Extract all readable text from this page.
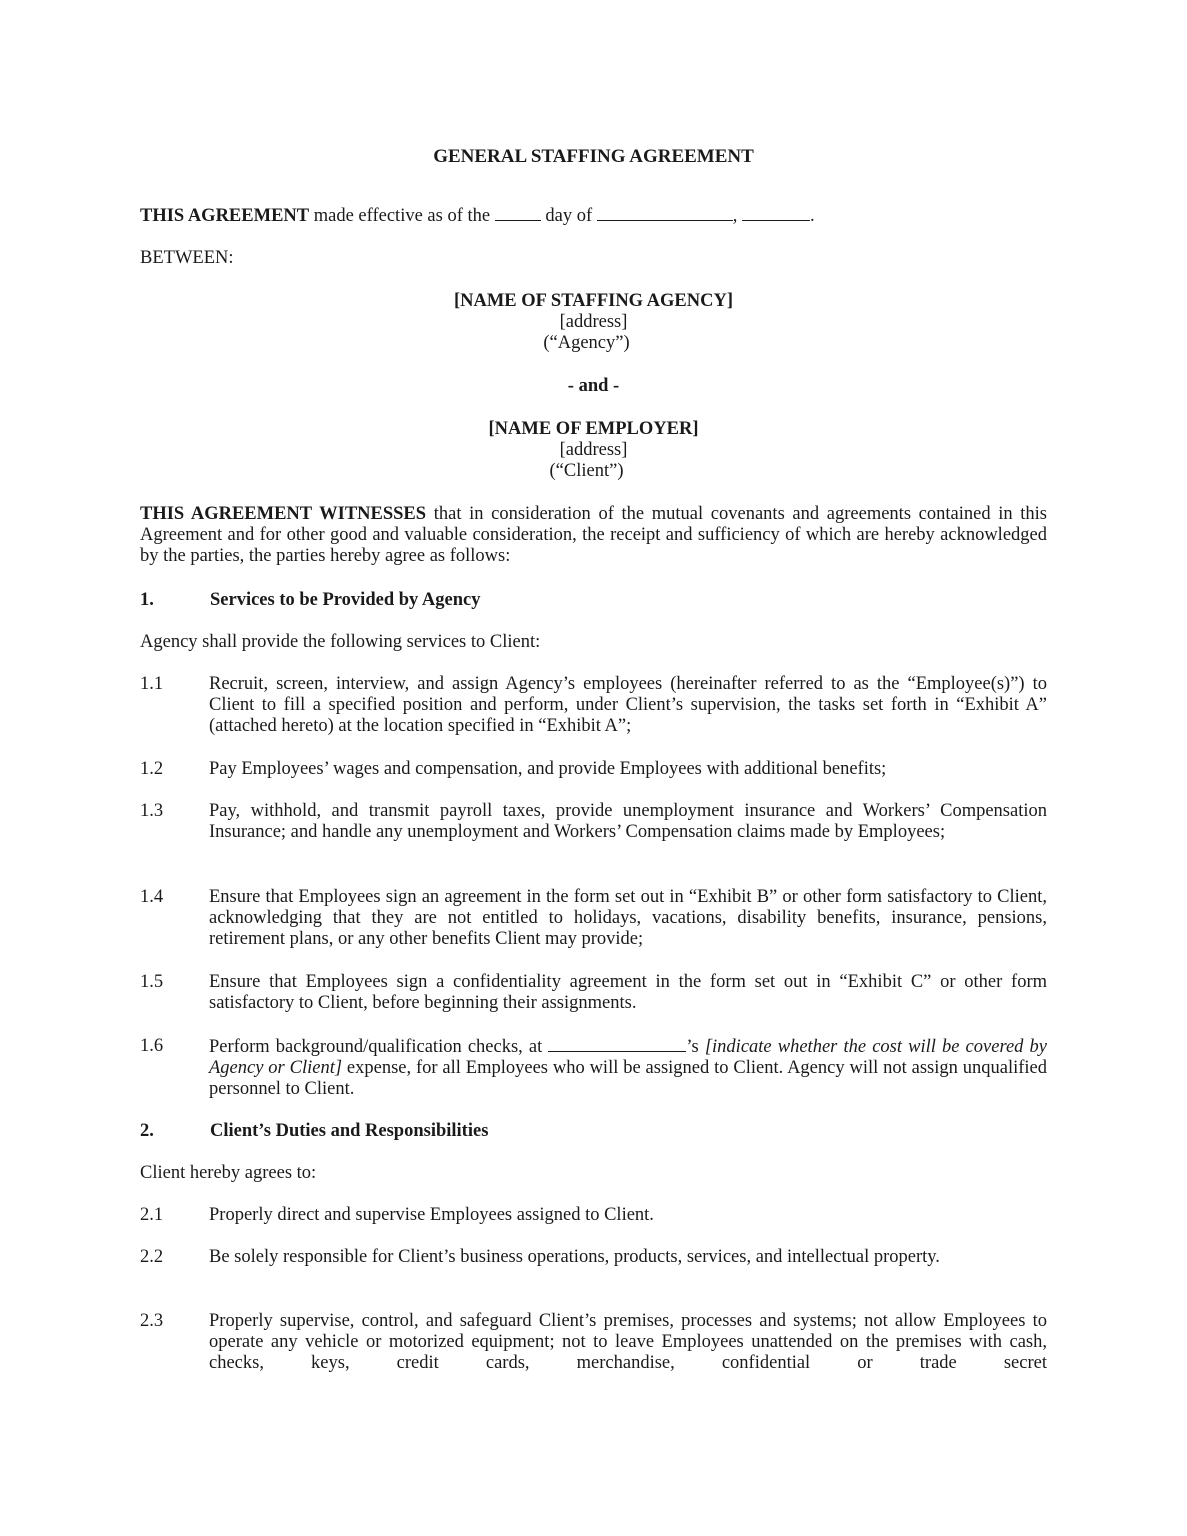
GENERAL STAFFING AGREEMENT
THIS AGREEMENT made effective as of the  day of	,	.
BETWEEN:
[NAME OF STAFFING AGENCY]
[address]
(“Agency”)
- and -
[NAME OF EMPLOYER]
[address]
(“Client”)
THIS AGREEMENT WITNESSES that in consideration of the mutual covenants and agreements contained in this Agreement and for other good and valuable consideration, the receipt and sufficiency of which are hereby acknowledged by the parties, the parties hereby agree as follows:
1.	Services to be Provided by Agency
Agency shall provide the following services to Client:
1.1 Recruit, screen, interview, and assign Agency’s employees (hereinafter referred to as the “Employee(s)”) to Client to fill a specified position and perform, under Client’s supervision, the tasks set forth in “Exhibit A” (attached hereto) at the location specified in “Exhibit A”;
1.2 Pay Employees’ wages and compensation, and provide Employees with additional benefits;
1.3 Pay, withhold, and transmit payroll taxes, provide unemployment insurance and Workers’ Compensation Insurance; and handle any unemployment and Workers’ Compensation claims made by Employees;
1.4 Ensure that Employees sign an agreement in the form set out in “Exhibit B” or other form satisfactory to Client, acknowledging that they are not entitled to holidays, vacations, disability benefits, insurance, pensions, retirement plans, or any other benefits Client may provide;
1.5 Ensure that Employees sign a confidentiality agreement in the form set out in “Exhibit C” or other form satisfactory to Client, before beginning their assignments.
1.6 Perform background/qualification checks, at	’s [indicate whether the cost will be covered by Agency or Client] expense, for all Employees who will be assigned to Client. Agency will not assign unqualified personnel to Client.
2.	Client’s Duties and Responsibilities
Client hereby agrees to:
2.1 Properly direct and supervise Employees assigned to Client.
2.2 Be solely responsible for Client’s business operations, products, services, and intellectual property.
2.3 Properly supervise, control, and safeguard Client’s premises, processes and systems; not allow Employees to operate any vehicle or motorized equipment; not to leave Employees unattended on the premises with cash, checks, keys, credit cards, merchandise, confidential or trade secret
